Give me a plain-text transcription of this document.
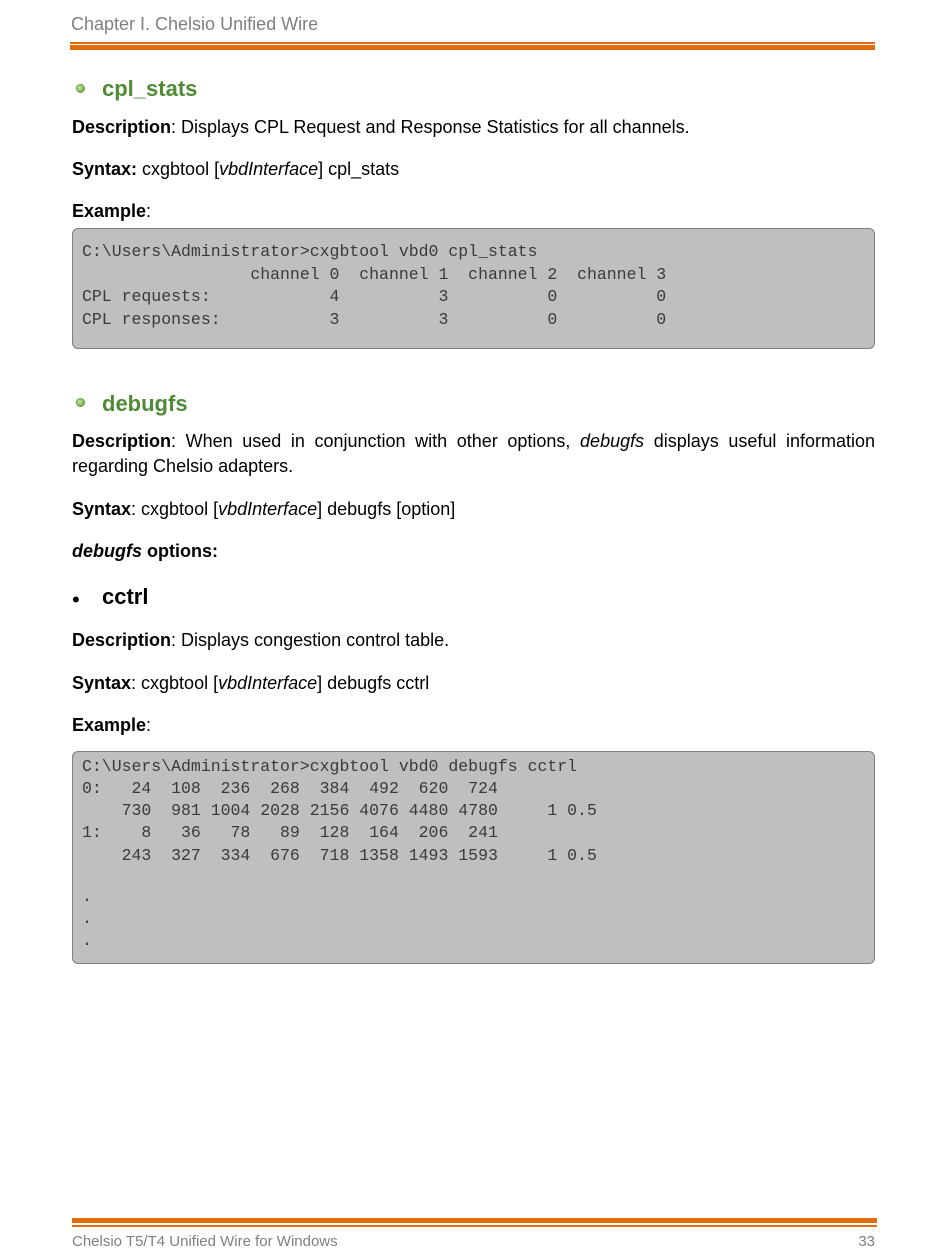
Chapter I. Chelsio Unified Wire
cpl_stats
Description: Displays CPL Request and Response Statistics for all channels.
Syntax: cxgbtool [vbdInterface] cpl_stats
Example:
C:\Users\Administrator>cxgbtool vbd0 cpl_stats
channel 0  channel 1  channel 2  channel 3
CPL requests:            4          3          0          0
CPL responses:           3          3          0          0
debugfs
Description: When used in conjunction with other options, debugfs displays useful information regarding Chelsio adapters.
Syntax: cxgbtool [vbdInterface] debugfs [option]
debugfs options:
• cctrl
Description: Displays congestion control table.
Syntax: cxgbtool [vbdInterface] debugfs cctrl
Example:
C:\Users\Administrator>cxgbtool vbd0 debugfs cctrl
0:   24  108  236  268  384  492  620  724
730  981 1004 2028 2156 4076 4480 4780     1 0.5
1:    8   36   78   89  128  164  206  241
243  327  334  676  718 1358 1493 1593     1 0.5
.
.
.
Chelsio T5/T4 Unified Wire for Windows	33
